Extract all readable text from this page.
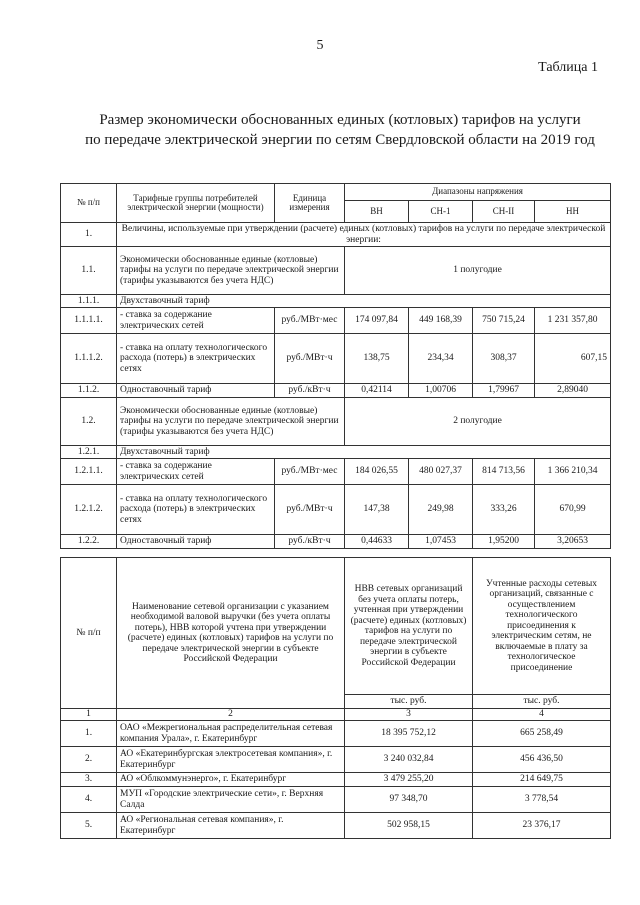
5
Таблица 1
Размер экономически обоснованных единых (котловых) тарифов на услуги
по передаче электрической энергии по сетям Свердловской области на 2019 год
№ п/п	Тарифные группы потребителей электрической энергии (мощности)	Единица измерения	Диапазоны напряжения			
			ВН	СН-1	СН-II	НН
1.	Величины, используемые при утверждении (расчете) единых (котловых) тарифов на услуги по передаче электрической энергии:					
1.1.	Экономически обоснованные единые (котловые) тарифы на услуги по передаче электрической энергии (тарифы указываются без учета НДС)		1 полугодие			
1.1.1.	Двухставочный тариф					
1.1.1.1.	- ставка за содержание электрических сетей	руб./МВт·мес	174 097,84	449 168,39	750 715,24	1 231 357,80
1.1.1.2.	- ставка на оплату технологического расхода (потерь) в электрических сетях	руб./МВт·ч	138,75	234,34	308,37	607,15
1.1.2.	Одноставочный тариф	руб./кВт·ч	0,42114	1,00706	1,79967	2,89040
1.2.	Экономически обоснованные единые (котловые) тарифы на услуги по передаче электрической энергии (тарифы указываются без учета НДС)		2 полугодие			
1.2.1.	Двухставочный тариф					
1.2.1.1.	- ставка за содержание электрических сетей	руб./МВт·мес	184 026,55	480 027,37	814 713,56	1 366 210,34
1.2.1.2.	- ставка на оплату технологического расхода (потерь) в электрических сетях	руб./МВт·ч	147,38	249,98	333,26	670,99
1.2.2.	Одноставочный тариф	руб./кВт·ч	0,44633	1,07453	1,95200	3,20653
№ п/п	Наименование сетевой организации с указанием необходимой валовой выручки (без учета оплаты потерь), НВВ которой учтена при утверждении (расчете) единых (котловых) тарифов на услуги по передаче электрической энергии в субъекте Российской Федерации	НВВ сетевых организаций без учета оплаты потерь, учтенная при утверждении (расчете) единых (котловых) тарифов на услуги по передаче электрической энергии в субъекте Российской Федерации	Учтенные расходы сетевых организаций, связанные с осуществлением технологического присоединения к электрическим сетям, не включаемые в плату за технологическое присоединение
		тыс. руб.	тыс. руб.
1	2	3	4
1.	ОАО «Межрегиональная распределительная сетевая компания Урала», г. Екатеринбург	18 395 752,12	665 258,49
2.	АО «Екатеринбургская электросетевая компания», г. Екатеринбург	3 240 032,84	456 436,50
3.	АО «Облкоммунэнерго», г. Екатеринбург	3 479 255,20	214 649,75
4.	МУП «Городские электрические сети», г. Верхняя Салда	97 348,70	3 778,54
5.	АО «Региональная сетевая компания», г. Екатеринбург	502 958,15	23 376,17
